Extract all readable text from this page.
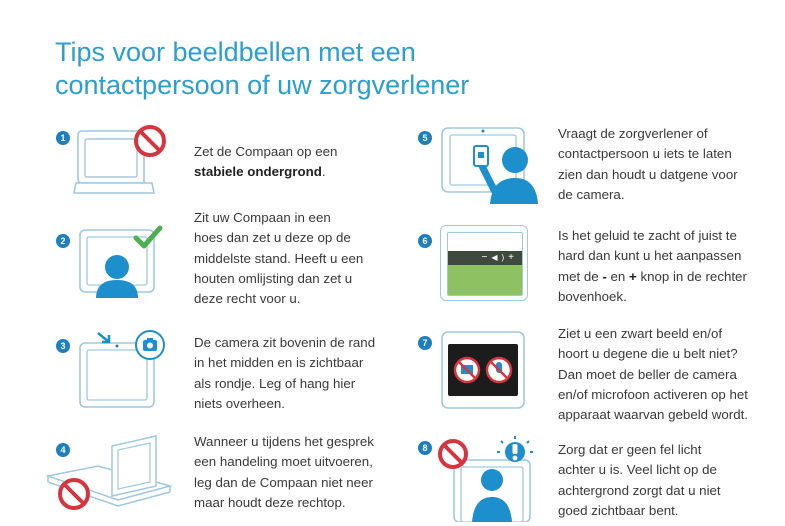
Tips voor beeldbellen met een
contactpersoon of uw zorgverlener
1
Zet de Compaan op een
stabiele ondergrond.
2
Zit uw Compaan in een
hoes dan zet u deze op de
middelste stand. Heeft u een
houten omlijsting dan zet u
deze recht voor u.
3	De camera zit bovenin de rand
in het midden en is zichtbaar
als rondje. Leg of hang hier
niets overheen.
4
Wanneer u tijdens het gesprek
een handeling moet uitvoeren,
leg dan de Compaan niet neer
maar houdt deze rechtop.
5	Vraagt de zorgverlener of
contactpersoon u iets te laten
zien dan houdt u datgene voor
de camera.
6
−◀)+
Is het geluid te zacht of juist te
hard dan kunt u het aanpassen
met de - en + knop in de rechter
bovenhoek.
7
Ziet u een zwart beeld en/of
hoort u degene die u belt niet?
Dan moet de beller de camera
en/of microfoon activeren op het
apparaat waarvan gebeld wordt.
8	Zorg dat er geen fel licht
achter u is. Veel licht op de
achtergrond zorgt dat u niet
goed zichtbaar bent.
